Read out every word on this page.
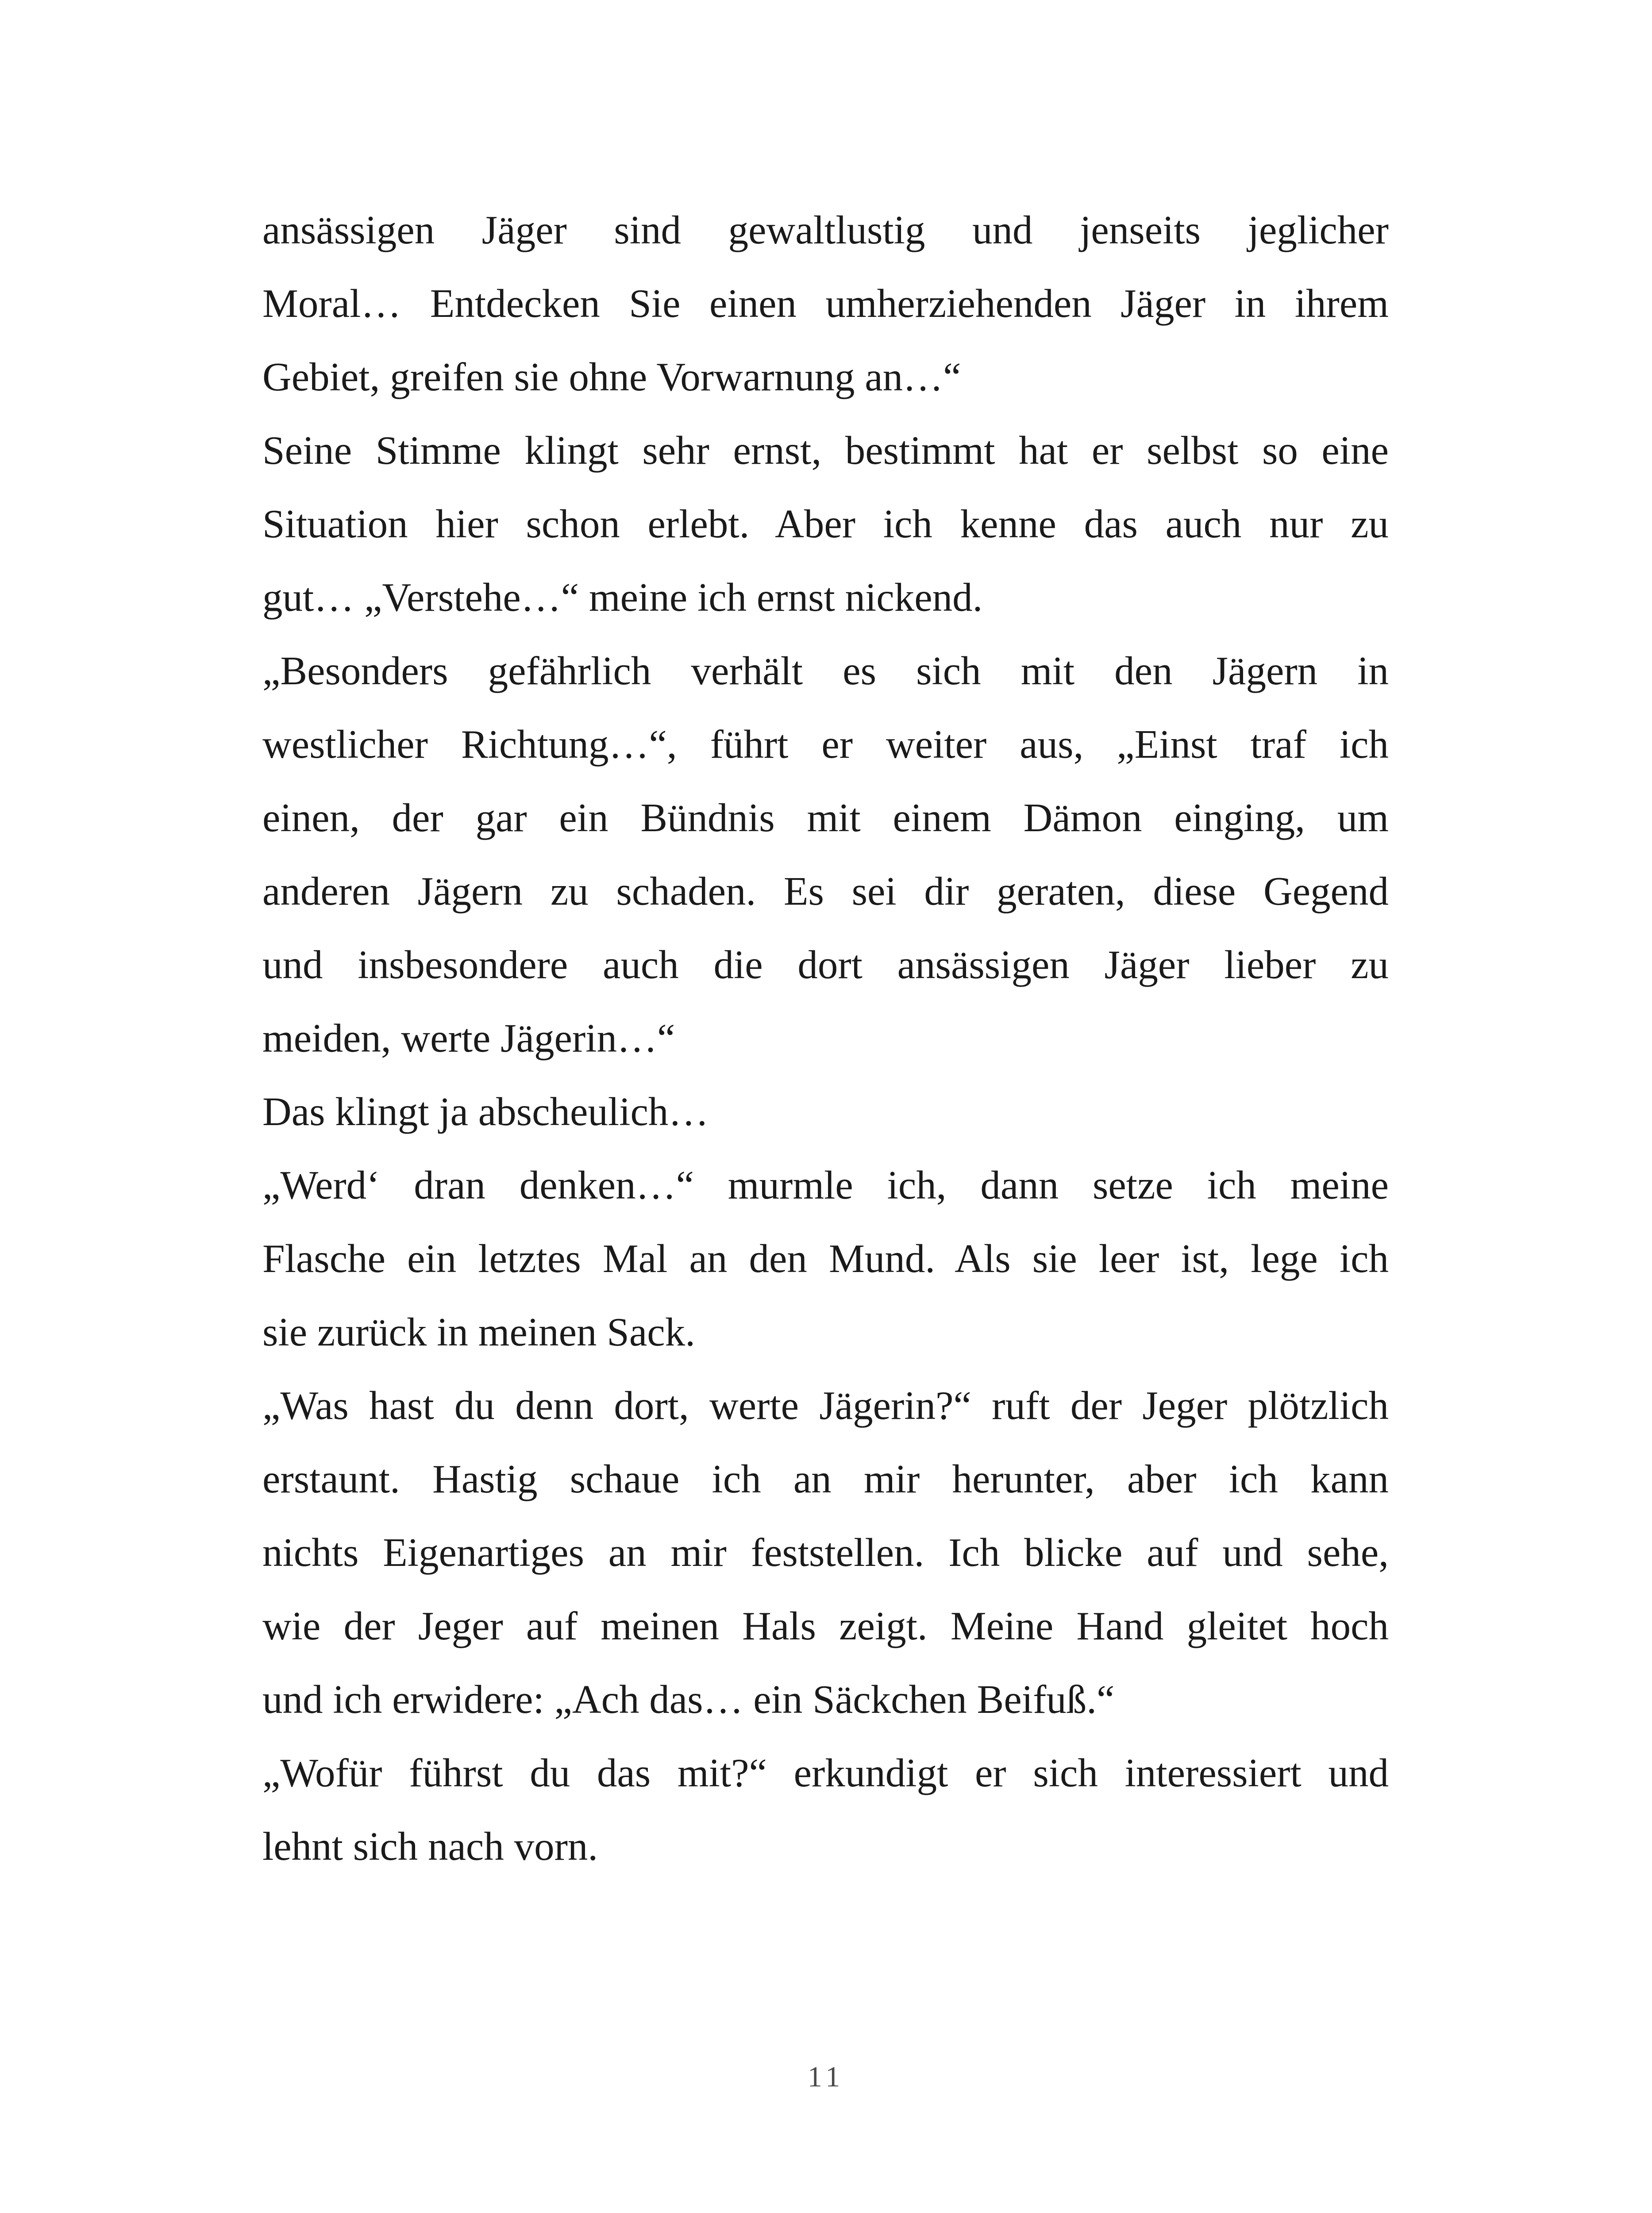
ansässigen Jäger sind gewaltlustig und jenseits jeglicher
Moral… Entdecken Sie einen umherziehenden Jäger in ihrem
Gebiet, greifen sie ohne Vorwarnung an…“
Seine Stimme klingt sehr ernst, bestimmt hat er selbst so eine
Situation hier schon erlebt. Aber ich kenne das auch nur zu
gut… „Verstehe…“ meine ich ernst nickend.
„Besonders gefährlich verhält es sich mit den Jägern in
westlicher Richtung…“, führt er weiter aus, „Einst traf ich
einen, der gar ein Bündnis mit einem Dämon einging, um
anderen Jägern zu schaden. Es sei dir geraten, diese Gegend
und insbesondere auch die dort ansässigen Jäger lieber zu
meiden, werte Jägerin…“
Das klingt ja abscheulich…
„Werd‘ dran denken…“ murmle ich, dann setze ich meine
Flasche ein letztes Mal an den Mund. Als sie leer ist, lege ich
sie zurück in meinen Sack.
„Was hast du denn dort, werte Jägerin?“ ruft der Jeger plötzlich
erstaunt. Hastig schaue ich an mir herunter, aber ich kann
nichts Eigenartiges an mir feststellen. Ich blicke auf und sehe,
wie der Jeger auf meinen Hals zeigt. Meine Hand gleitet hoch
und ich erwidere: „Ach das… ein Säckchen Beifuß.“
„Wofür führst du das mit?“ erkundigt er sich interessiert und
lehnt sich nach vorn.
11
